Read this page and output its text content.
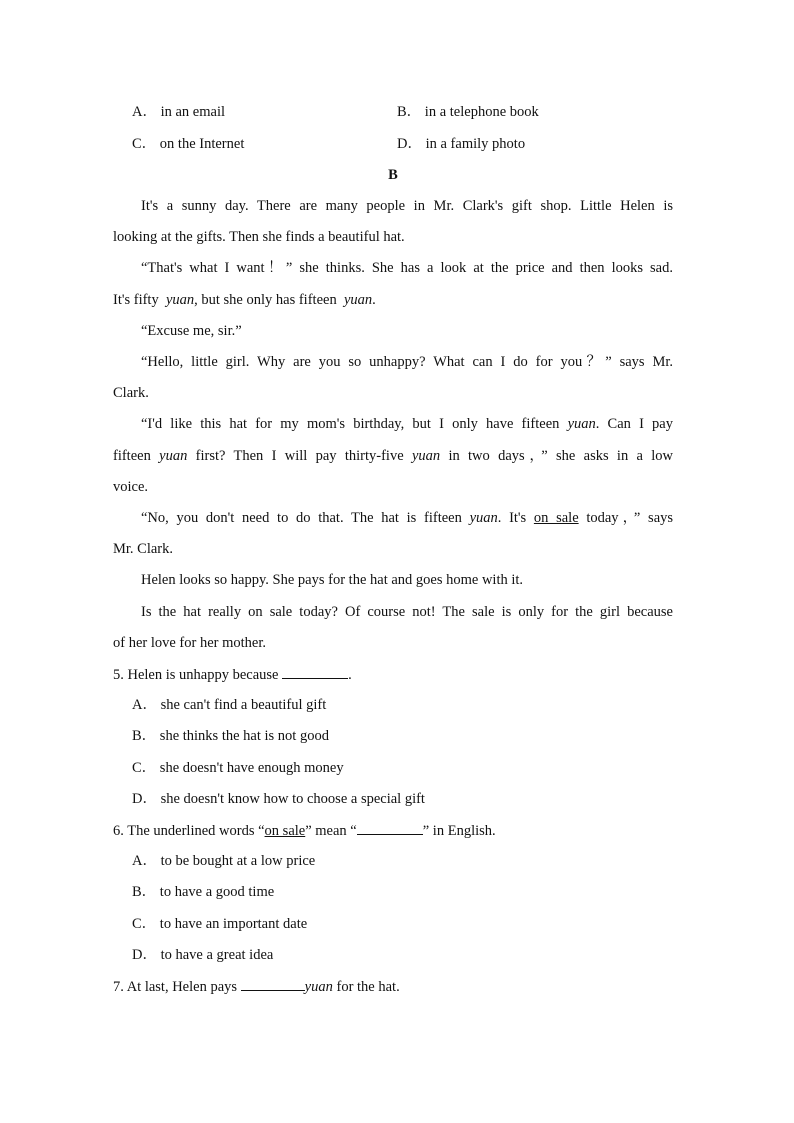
A． in an email	B． in a telephone book
C． on the Internet	D． in a family photo
B
It's a sunny day. There are many people in Mr. Clark's gift shop. Little Helen is
looking at the gifts. Then she finds a beautiful hat.
“That's what I want！” she thinks. She has a look at the price and then looks sad.
It's fifty yuan, but she only has fifteen yuan.
“Excuse me, sir.”
“Hello, little girl. Why are you so unhappy? What can I do for you？” says Mr.
Clark.
“I'd like this hat for my mom's birthday, but I only have fifteen yuan. Can I pay
fifteen yuan first? Then I will pay thirty-five yuan in two days，” she asks in a low
voice.
“No, you don't need to do that. The hat is fifteen yuan. It's on sale today，” says
Mr. Clark.
Helen looks so happy. She pays for the hat and goes home with it.
Is the hat really on sale today? Of course not! The sale is only for the girl because
of her love for her mother.
5. Helen is unhappy because	.
A． she can't find a beautiful gift
B． she thinks the hat is not good
C． she doesn't have enough money
D． she doesn't know how to choose a special gift
6. The underlined words “on sale” mean “	” in English.
A． to be bought at a low price
B． to have a good time
C． to have an important date
D． to have a great idea
7. At last, Helen pays	yuan for the hat.
